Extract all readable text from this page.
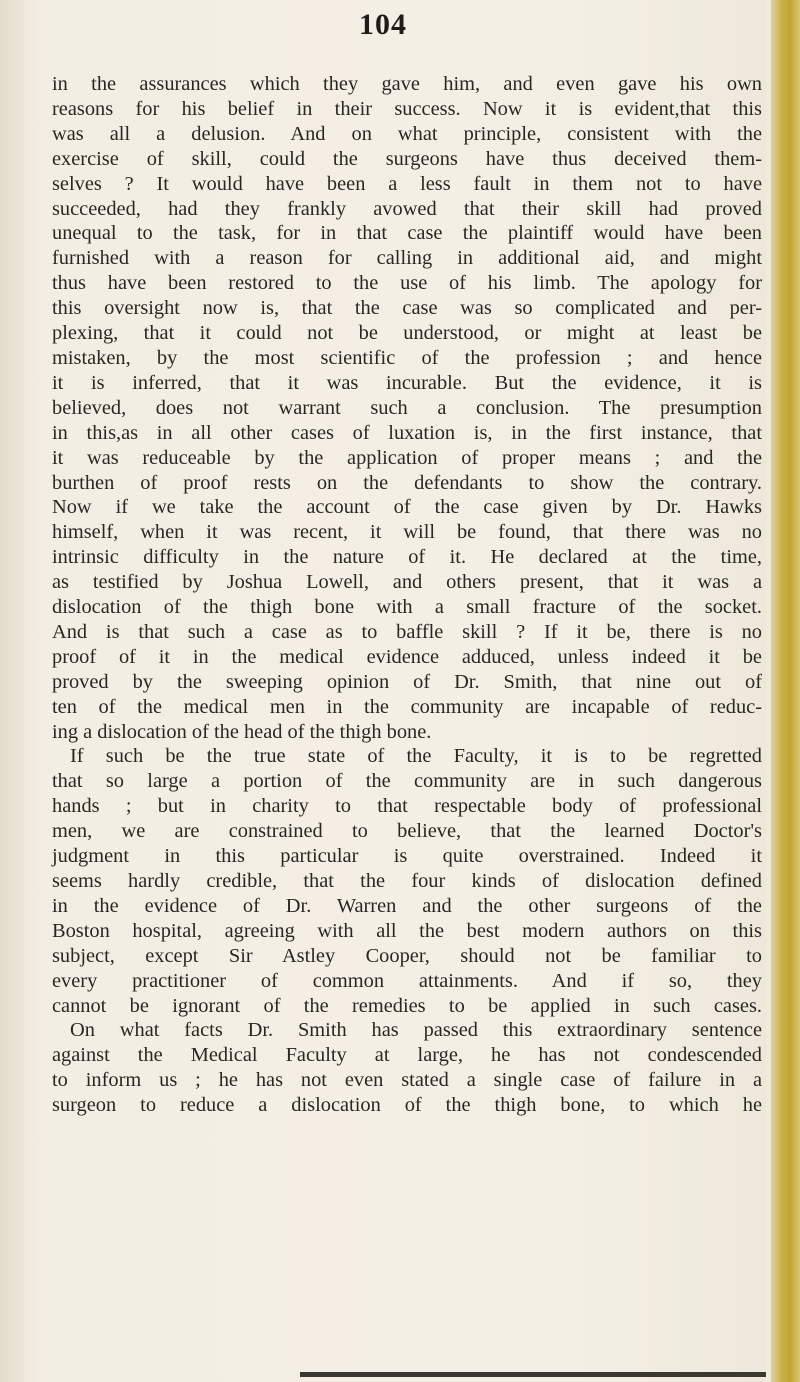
104

in the assurances which they gave him, and even gave his own
reasons for his belief in their success. Now it is evident,that this
was all a delusion. And on what principle, consistent with the
exercise of skill, could the surgeons have thus deceived them-
selves ? It would have been a less fault in them not to have
succeeded, had they frankly avowed that their skill had proved
unequal to the task, for in that case the plaintiff would have been
furnished with a reason for calling in additional aid, and might
thus have been restored to the use of his limb. The apology for
this oversight now is, that the case was so complicated and per-
plexing, that it could not be understood, or might at least be
mistaken, by the most scientific of the profession ; and hence
it is inferred, that it was incurable. But the evidence, it is
believed, does not warrant such a conclusion. The presumption
in this,as in all other cases of luxation is, in the first instance, that
it was reduceable by the application of proper means ; and the
burthen of proof rests on the defendants to show the contrary.
Now if we take the account of the case given by Dr. Hawks
himself, when it was recent, it will be found, that there was no
intrinsic difficulty in the nature of it. He declared at the time,
as testified by Joshua Lowell, and others present, that it was a
dislocation of the thigh bone with a small fracture of the socket.
And is that such a case as to baffle skill ? If it be, there is no
proof of it in the medical evidence adduced, unless indeed it be
proved by the sweeping opinion of Dr. Smith, that nine out of
ten of the medical men in the community are incapable of reduc-
ing a dislocation of the head of the thigh bone.

If such be the true state of the Faculty, it is to be regretted
that so large a portion of the community are in such dangerous
hands ; but in charity to that respectable body of professional
men, we are constrained to believe, that the learned Doctor's
judgment in this particular is quite overstrained. Indeed it
seems hardly credible, that the four kinds of dislocation defined
in the evidence of Dr. Warren and the other surgeons of the
Boston hospital, agreeing with all the best modern authors on this
subject, except Sir Astley Cooper, should not be familiar to
every practitioner of common attainments. And if so, they
cannot be ignorant of the remedies to be applied in such cases.
On what facts Dr. Smith has passed this extraordinary sentence
against the Medical Faculty at large, he has not condescended
to inform us ; he has not even stated a single case of failure in a
surgeon to reduce a dislocation of the thigh bone, to which he
